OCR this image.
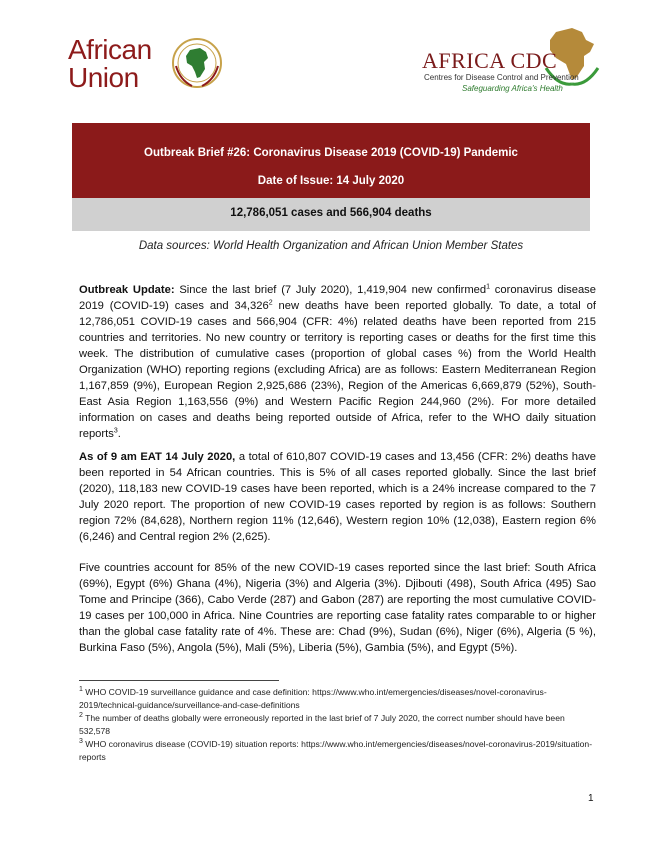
African
Union
AFRICA CDC
Centres for Disease Control and Prevention
Safeguarding Africa's Health
Outbreak Brief #26: Coronavirus Disease 2019 (COVID-19) Pandemic
Date of Issue: 14 July 2020
12,786,051 cases and 566,904 deaths
Data sources: World Health Organization and African Union Member States
Outbreak Update: Since the last brief (7 July 2020), 1,419,904 new confirmed$^1$ coronavirus disease 2019 (COVID-19) cases and 34,326$^2$ new deaths have been reported globally. To date, a total of 12,786,051 COVID-19 cases and 566,904 (CFR: 4%) related deaths have been reported from 215 countries and territories. No new country or territory is reporting cases or deaths for the first time this week. The distribution of cumulative cases (proportion of global cases %) from the World Health Organization (WHO) reporting regions (excluding Africa) are as follows: Eastern Mediterranean Region 1,167,859 (9%), European Region 2,925,686 (23%), Region of the Americas 6,669,879 (52%), South-East Asia Region 1,163,556 (9%) and Western Pacific Region 244,960 (2%). For more detailed information on cases and deaths being reported outside of Africa, refer to the WHO daily situation reports$^3$.
As of 9 am EAT 14 July 2020, a total of 610,807 COVID-19 cases and 13,456 (CFR: 2%) deaths have been reported in 54 African countries. This is 5% of all cases reported globally. Since the last brief (2020), 118,183 new COVID-19 cases have been reported, which is a 24% increase compared to the 7 July 2020 report. The proportion of new COVID-19 cases reported by region is as follows: Southern region 72% (84,628), Northern region 11% (12,646), Western region 10% (12,038), Eastern region 6% (6,246) and Central region 2% (2,625).
Five countries account for 85% of the new COVID-19 cases reported since the last brief: South Africa (69%), Egypt (6%) Ghana (4%), Nigeria (3%) and Algeria (3%). Djibouti (498), South Africa (495) Sao Tome and Principe (366), Cabo Verde (287) and Gabon (287) are reporting the most cumulative COVID-19 cases per 100,000 in Africa. Nine Countries are reporting case fatality rates comparable to or higher than the global case fatality rate of 4%. These are: Chad (9%), Sudan (6%), Niger (6%), Algeria (5 %), Burkina Faso (5%), Angola (5%), Mali (5%), Liberia (5%), Gambia (5%), and Egypt (5%).
$^1$ WHO COVID-19 surveillance guidance and case definition: https://www.who.int/emergencies/diseases/novel-coronavirus-2019/technical-guidance/surveillance-and-case-definitions
$^2$ The number of deaths globally were erroneously reported in the last brief of 7 July 2020, the correct number should have been 532,578
$^3$ WHO coronavirus disease (COVID-19) situation reports: https://www.who.int/emergencies/diseases/novel-coronavirus-2019/situation-reports
1
